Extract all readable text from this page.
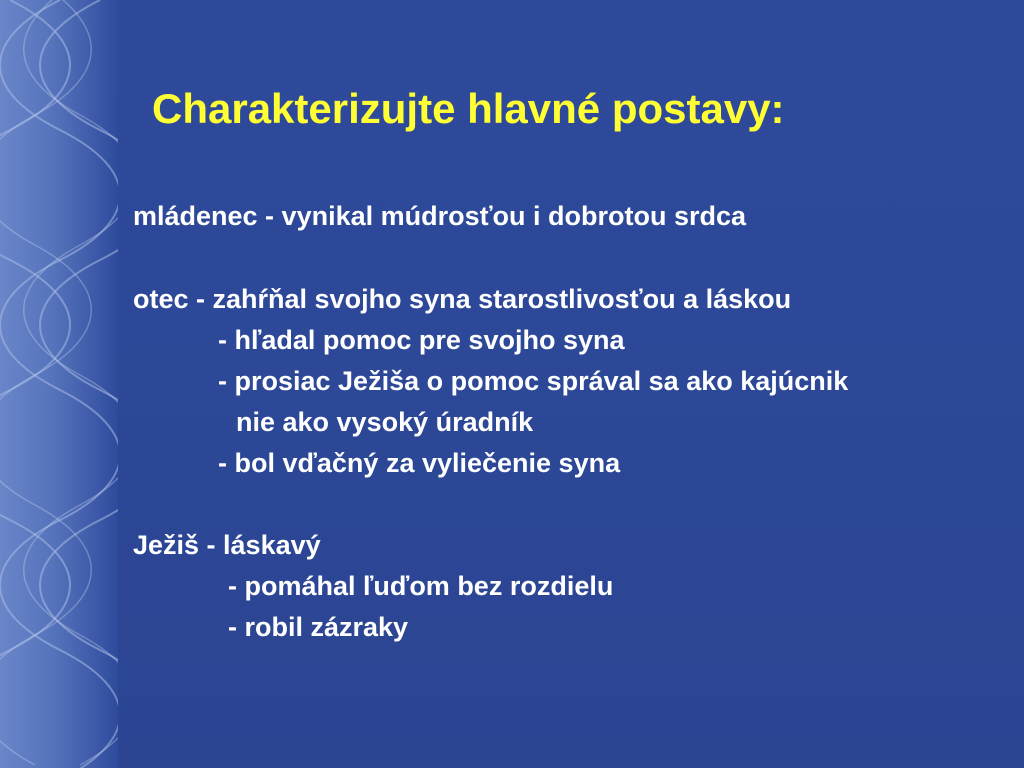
Charakterizujte hlavné postavy:

mládenec - vynikal múdrosťou i dobrotou srdca

otec - zahŕňal svojho syna starostlivosťou a láskou

- hľadal pomoc pre svojho syna

- prosiac Ježiša o pomoc správal sa ako kajúcnik

nie ako vysoký úradník

- bol vďačný za vyliečenie syna

Ježiš - láskavý

- pomáhal ľuďom bez rozdielu

- robil zázraky
